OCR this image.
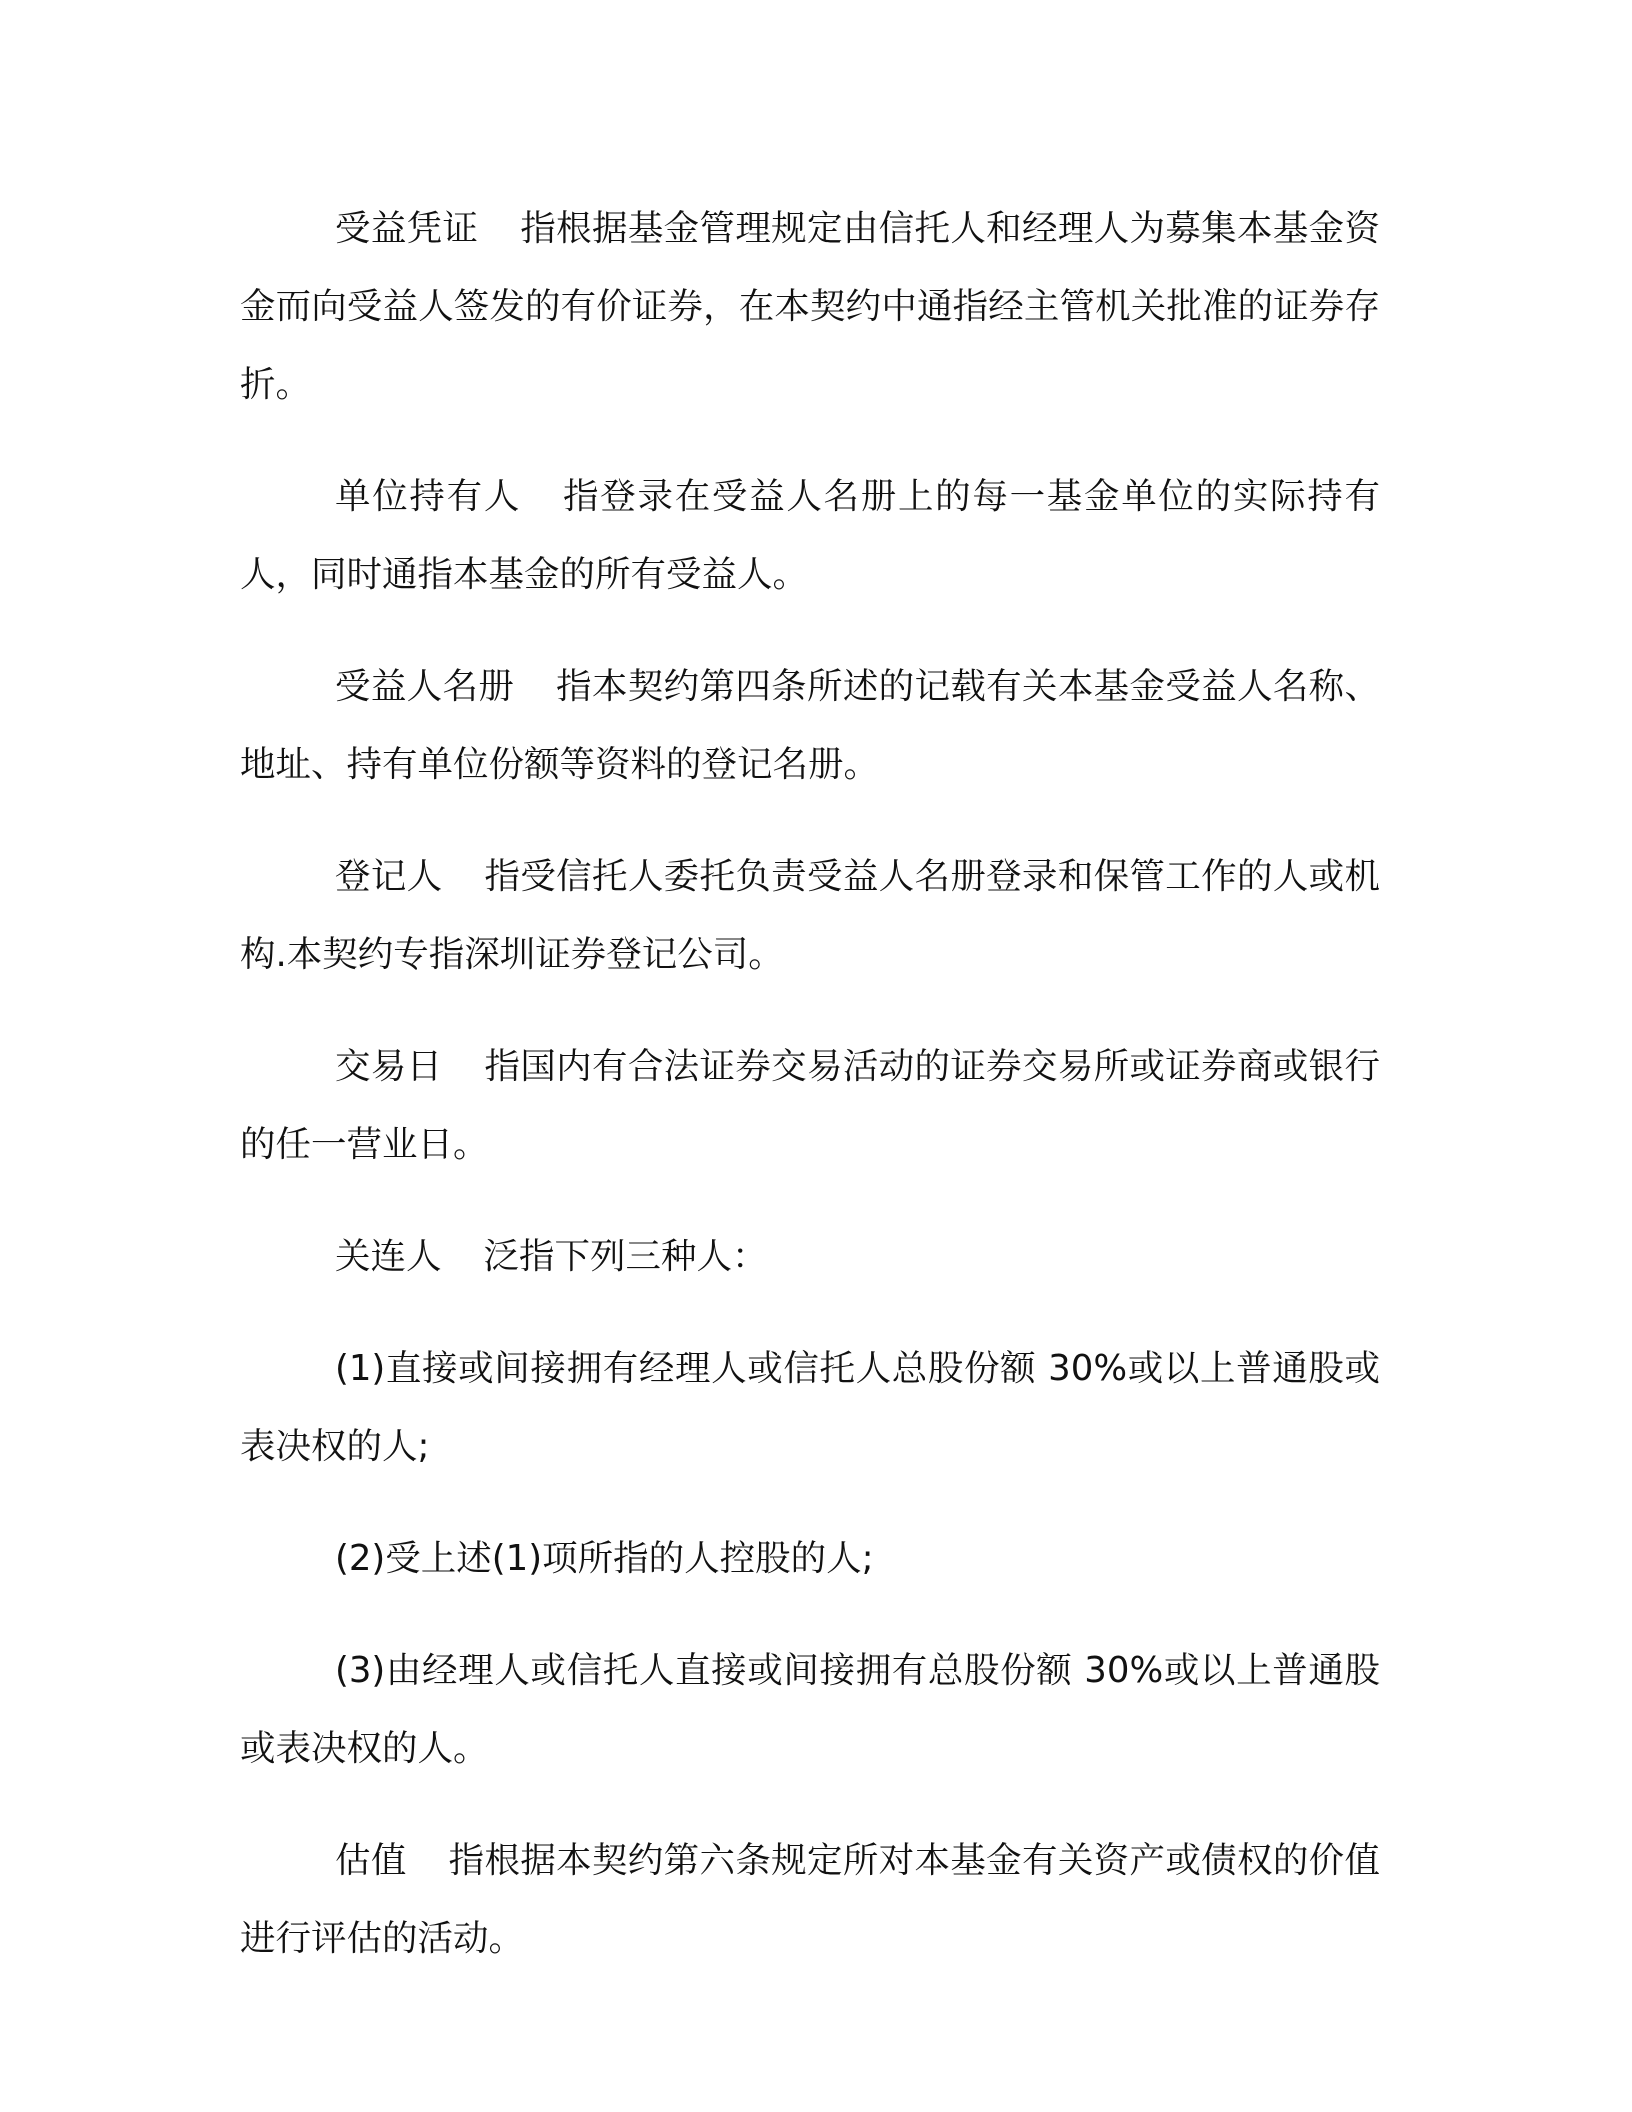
受益凭证 指根据基金管理规定由信托人和经理人为募集本基金资金而向受益人签发的有价证券，在本契约中通指经主管机关批准的证券存折。

单位持有人 指登录在受益人名册上的每一基金单位的实际持有人，同时通指本基金的所有受益人。

受益人名册 指本契约第四条所述的记载有关本基金受益人名称、地址、持有单位份额等资料的登记名册。

登记人 指受信托人委托负责受益人名册登录和保管工作的人或机构.本契约专指深圳证券登记公司。

交易日 指国内有合法证券交易活动的证券交易所或证券商或银行的任一营业日。

关连人 泛指下列三种人：

(1)直接或间接拥有经理人或信托人总股份额 30%或以上普通股或表决权的人;

(2)受上述(1)项所指的人控股的人;

(3)由经理人或信托人直接或间接拥有总股份额 30%或以上普通股或表决权的人。

估值 指根据本契约第六条规定所对本基金有关资产或债权的价值进行评估的活动。
